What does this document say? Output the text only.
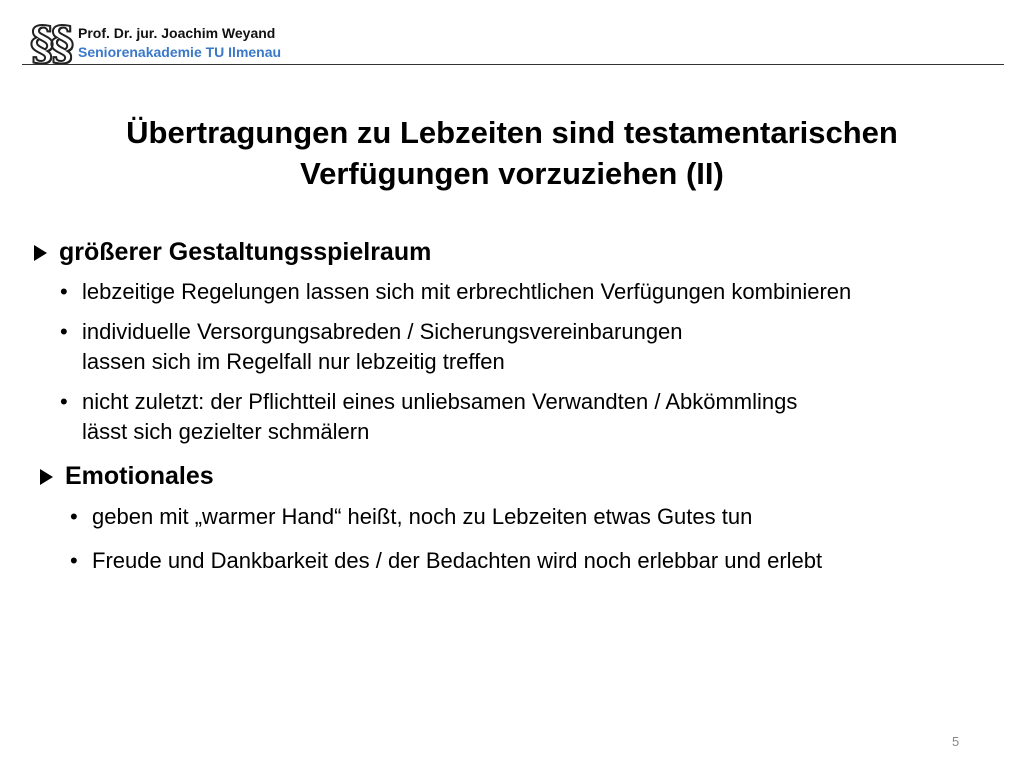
§§ Prof. Dr. jur. Joachim Weyand
Seniorenakademie TU Ilmenau
Übertragungen zu Lebzeiten sind testamentarischen
Verfügungen vorzuziehen (II)
größerer Gestaltungsspielraum
• lebzeitige Regelungen lassen sich mit erbrechtlichen Verfügungen kombinieren
• individuelle Versorgungsabreden / Sicherungsvereinbarungen
lassen sich im Regelfall nur lebzeitig treffen
• nicht zuletzt: der Pflichtteil eines unliebsamen Verwandten / Abkömmlings
lässt sich gezielter schmälern
Emotionales
• geben mit „warmer Hand“ heißt, noch zu Lebzeiten etwas Gutes tun
• Freude und Dankbarkeit des / der Bedachten wird noch erlebbar und erlebt
5
